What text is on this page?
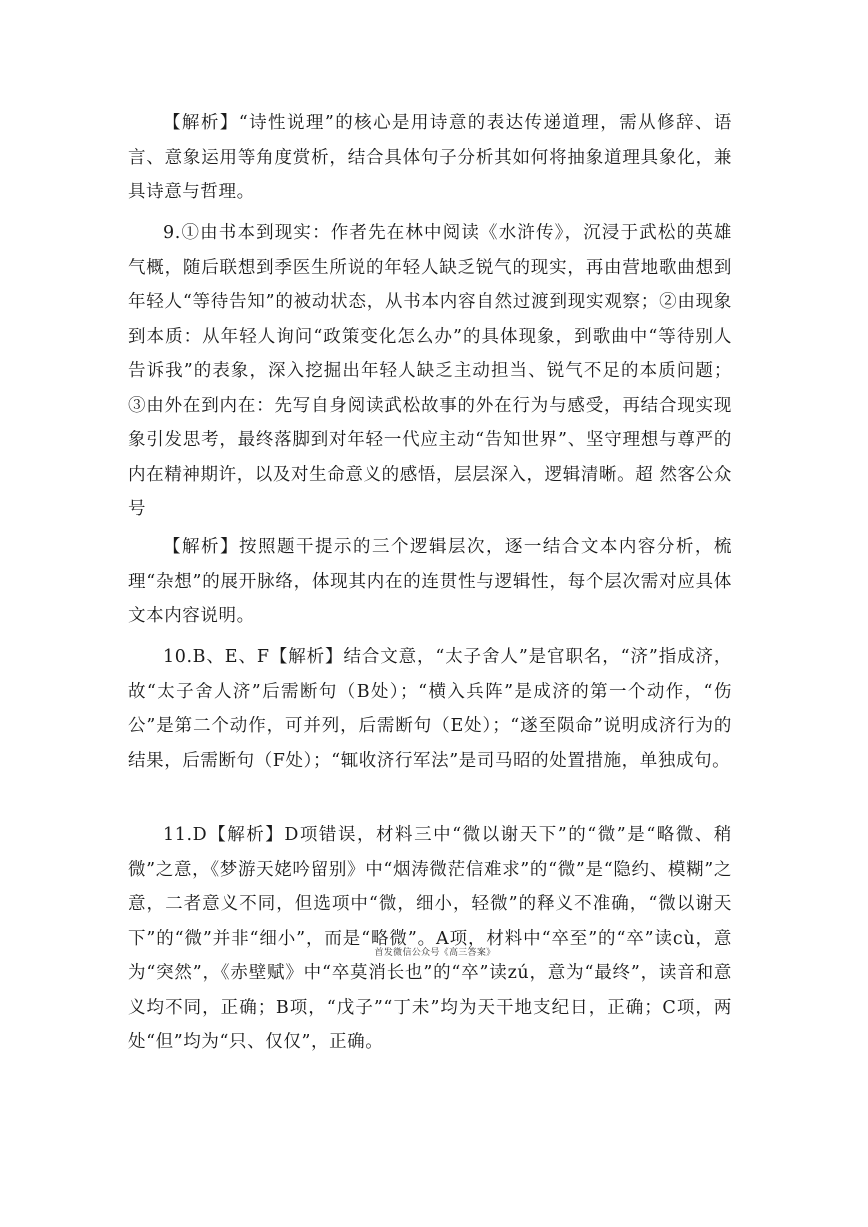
【解析】“诗性说理”的核心是用诗意的表达传递道理，需从修辞、语言、意象运用等角度赏析，结合具体句子分析其如何将抽象道理具象化，兼具诗意与哲理。

9.①由书本到现实：作者先在林中阅读《水浒传》，沉浸于武松的英雄气概，随后联想到季医生所说的年轻人缺乏锐气的现实，再由营地歌曲想到年轻人“等待告知”的被动状态，从书本内容自然过渡到现实观察；②由现象到本质：从年轻人询问“政策变化怎么办”的具体现象，到歌曲中“等待别人告诉我”的表象，深入挖掘出年轻人缺乏主动担当、锐气不足的本质问题；③由外在到内在：先写自身阅读武松故事的外在行为与感受，再结合现实现象引发思考，最终落脚到对年轻一代应主动“告知世界”、坚守理想与尊严的内在精神期许，以及对生命意义的感悟，层层深入，逻辑清晰。超 然客公众号

【解析】按照题干提示的三个逻辑层次，逐一结合文本内容分析，梳理“杂想”的展开脉络，体现其内在的连贯性与逻辑性，每个层次需对应具体文本内容说明。

10.B、E、F【解析】结合文意，“太子舍人”是官职名，“济”指成济，故“太子舍人济”后需断句（B处）；“横入兵阵”是成济的第一个动作，“伤公”是第二个动作，可并列，后需断句（E处）；“遂至陨命”说明成济行为的结果，后需断句（F处）；“辄收济行军法”是司马昭的处置措施，单独成句。

11.D【解析】D项错误，材料三中“微以谢天下”的“微”是“略微、稍微”之意，《梦游天姥吟留别》中“烟涛微茫信难求”的“微”是“隐约、模糊”之意，二者意义不同，但选项中“微，细小，轻微”的释义不准确，“微以谢天下”的“微”并非“细小”，而是“略微”。A项，材料中“卒至”的“卒”读cù，意为“突然”，《赤壁赋》中“卒莫消长也”的“卒”读zú，意为“最终”，读音和意义均不同，正确；B项，“戊子”“丁未”均为天干地支纪日，正确；C项，两处“但”均为“只、仅仅”，正确。

首发微信公众号《高三答案》
